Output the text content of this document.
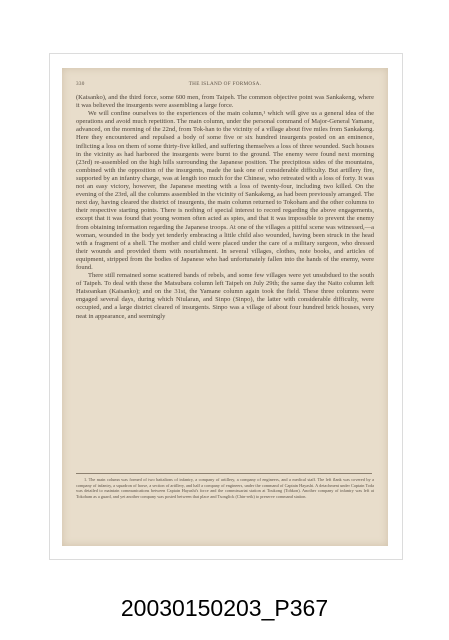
330	THE ISLAND OF FORMOSA.

(Kaisanko), and the third force, some 600 men, from Taipeh. The common objective point was Sankakeng, where it was believed the insurgents were assembling a large force.

We will confine ourselves to the experiences of the main column,¹ which will give us a general idea of the operations and avoid much repetition. The main column, under the personal command of Major-General Yamane, advanced, on the morning of the 22nd, from Tok-han to the vicinity of a village about five miles from Sankakeng. Here they encountered and repulsed a body of some five or six hundred insurgents posted on an eminence, inflicting a loss on them of some thirty-five killed, and suffering themselves a loss of three wounded. Such houses in the vicinity as had harbored the insurgents were burnt to the ground. The enemy were found next morning (23rd) re-assembled on the high hills surrounding the Japanese position. The precipitous sides of the mountains, combined with the opposition of the insurgents, made the task one of considerable difficulty. But artillery fire, supported by an infantry charge, was at length too much for the Chinese, who retreated with a loss of forty. It was not an easy victory, however, the Japanese meeting with a loss of twenty-four, including two killed. On the evening of the 23rd, all the columns assembled in the vicinity of Sankakeng, as had been previously arranged. The next day, having cleared the district of insurgents, the main column returned to Tokoham and the other columns to their respective starting points. There is nothing of special interest to record regarding the above engagements, except that it was found that young women often acted as spies, and that it was impossible to prevent the enemy from obtaining information regarding the Japanese troops. At one of the villages a pitiful scene was witnessed,—a woman, wounded in the body yet tenderly embracing a little child also wounded, having been struck in the head with a fragment of a shell. The mother and child were placed under the care of a military surgeon, who dressed their wounds and provided them with nourishment. In several villages, clothes, note books, and articles of equipment, stripped from the bodies of Japanese who had unfortunately fallen into the hands of the enemy, were found.

There still remained some scattered bands of rebels, and some few villages were yet unsubdued to the south of Taipeh. To deal with these the Matsubara column left Taipeh on July 29th; the same day the Naito column left Haisoankan (Kaisanko); and on the 31st, the Yamane column again took the field. These three columns were engaged several days, during which Niularan, and Sinpo (Sinpo), the latter with considerable difficulty, were occupied, and a large district cleared of insurgents. Sinpo was a village of about four hundred brick houses, very neat in appearance, and seemingly

1. The main column was formed of two battalions of infantry, a company of artillery, a company of engineers, and a medical staff. The left flank was covered by a company of infantry, a squadron of horse, a section of artillery, and half a company of engineers, under the command of Captain Hayashi. A detachment under Captain Toda was detailed to maintain communications between Captain Hayashi's force and the commissariat station at Toukong (Tohkon). Another company of infantry was left at Tokoham as a guard, and yet another company was posted between that place and Tsonglick (Chin-reik) to preserve command station.
20030150203_P367
